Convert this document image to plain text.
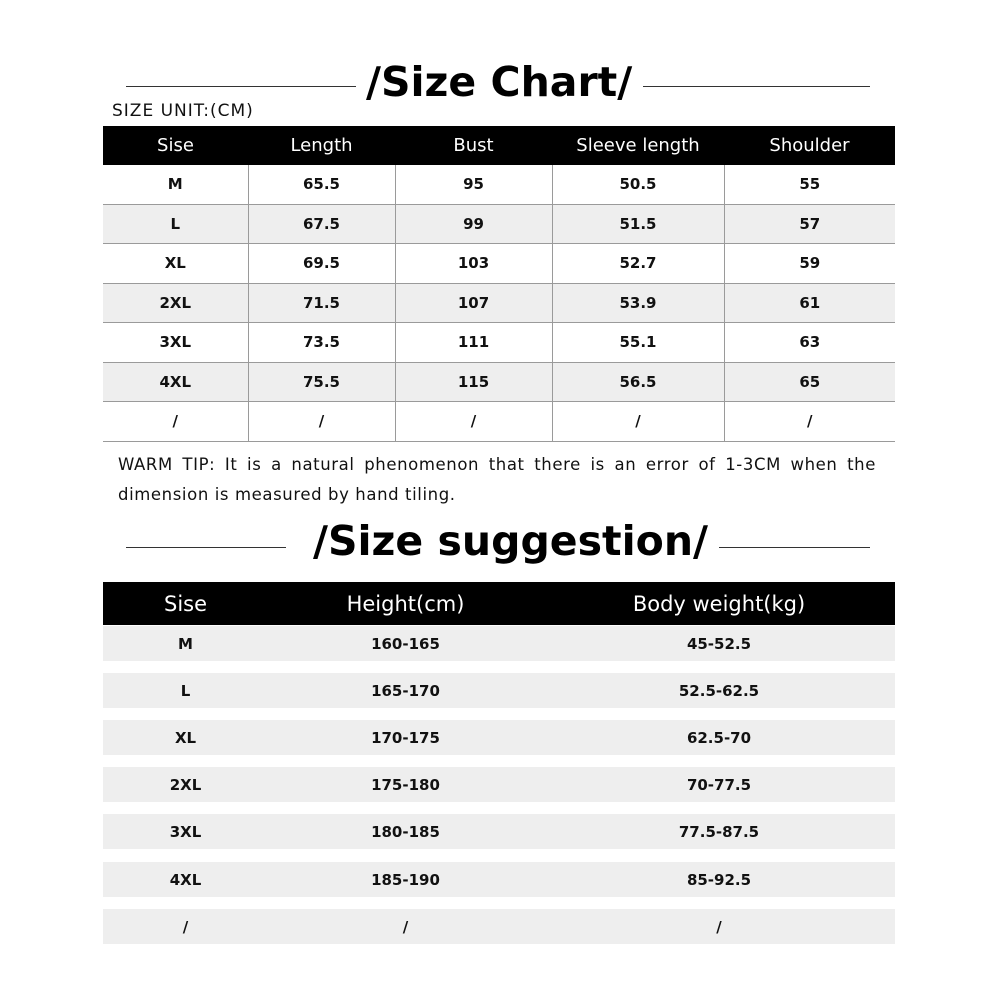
/Size Chart/
SIZE UNIT:(CM)
Sise	Length	Bust	Sleeve length	Shoulder
M	65.5	95	50.5	55
L	67.5	99	51.5	57
XL	69.5	103	52.7	59
2XL	71.5	107	53.9	61
3XL	73.5	111	55.1	63
4XL	75.5	115	56.5	65
/	/	/	/	/
WARM TIP: It is a natural phenomenon that there is an error of 1-3CM when the dimension is measured by hand tiling.
/Size suggestion/
Sise	Height(cm)	Body weight(kg)
M	160-165	45-52.5
L	165-170	52.5-62.5
XL	170-175	62.5-70
2XL	175-180	70-77.5
3XL	180-185	77.5-87.5
4XL	185-190	85-92.5
/	/	/
